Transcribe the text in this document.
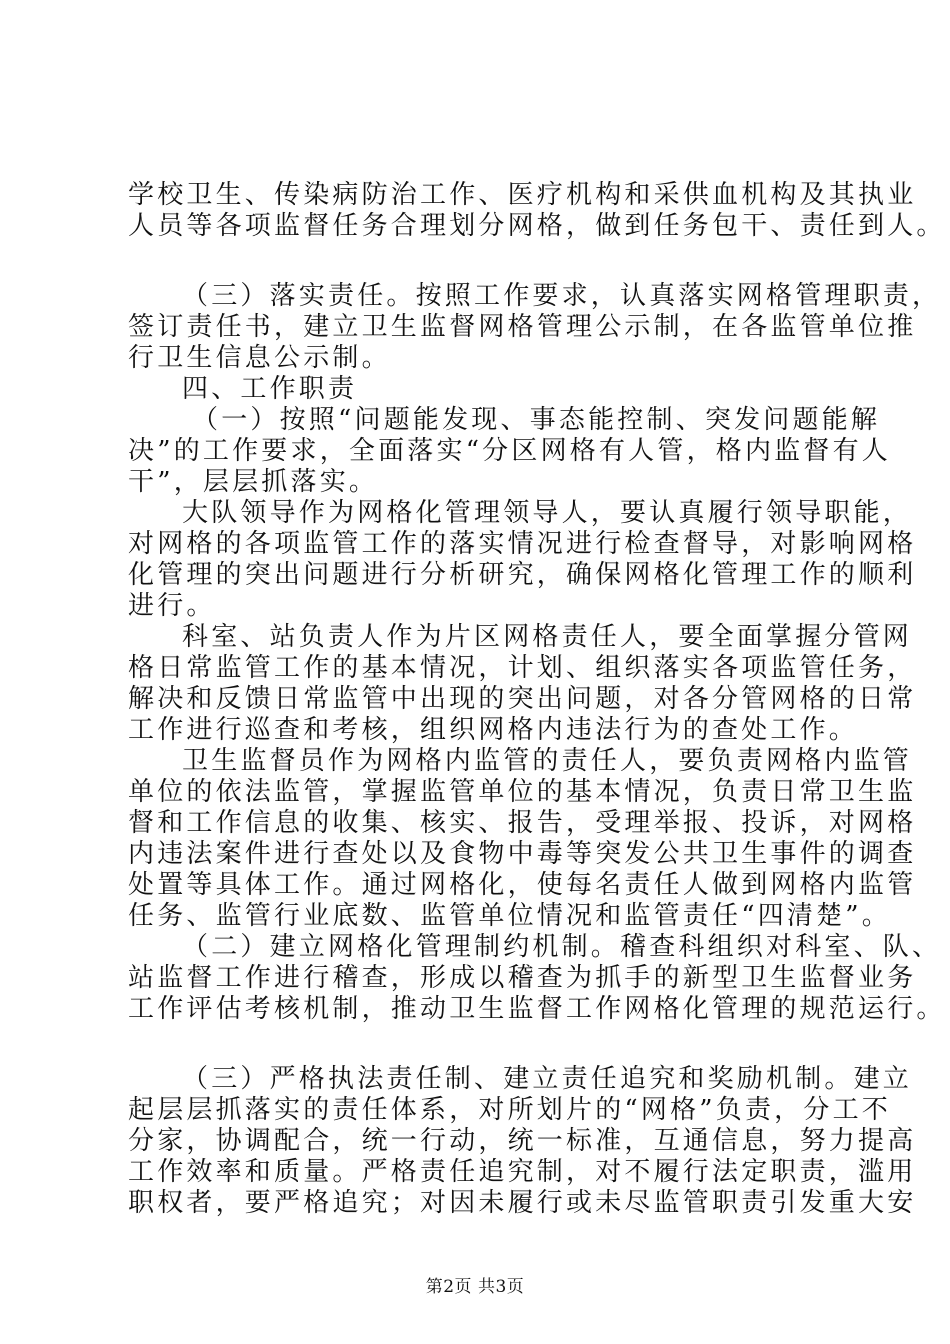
学校卫生、传染病防治工作、医疗机构和采供血机构及其执业
人员等各项监督任务合理划分网格，做到任务包干、责任到人。
（三）落实责任。按照工作要求，认真落实网格管理职责，
签订责任书，建立卫生监督网格管理公示制，在各监管单位推
行卫生信息公示制。
四、工作职责
（一）按照“问题能发现、事态能控制、突发问题能解
决”的工作要求，全面落实“分区网格有人管，格内监督有人
干”，层层抓落实。
大队领导作为网格化管理领导人，要认真履行领导职能，
对网格的各项监管工作的落实情况进行检查督导，对影响网格
化管理的突出问题进行分析研究，确保网格化管理工作的顺利
进行。
科室、站负责人作为片区网格责任人，要全面掌握分管网
格日常监管工作的基本情况，计划、组织落实各项监管任务，
解决和反馈日常监管中出现的突出问题，对各分管网格的日常
工作进行巡查和考核，组织网格内违法行为的查处工作。
卫生监督员作为网格内监管的责任人，要负责网格内监管
单位的依法监管，掌握监管单位的基本情况，负责日常卫生监
督和工作信息的收集、核实、报告，受理举报、投诉，对网格
内违法案件进行查处以及食物中毒等突发公共卫生事件的调查
处置等具体工作。通过网格化，使每名责任人做到网格内监管
任务、监管行业底数、监管单位情况和监管责任“四清楚”。
（二）建立网格化管理制约机制。稽查科组织对科室、队、
站监督工作进行稽查，形成以稽查为抓手的新型卫生监督业务
工作评估考核机制，推动卫生监督工作网格化管理的规范运行。
（三）严格执法责任制、建立责任追究和奖励机制。建立
起层层抓落实的责任体系，对所划片的“网格”负责，分工不
分家，协调配合，统一行动，统一标准，互通信息，努力提高
工作效率和质量。严格责任追究制，对不履行法定职责，滥用
职权者，要严格追究；对因未履行或未尽监管职责引发重大安
第2页 共3页
